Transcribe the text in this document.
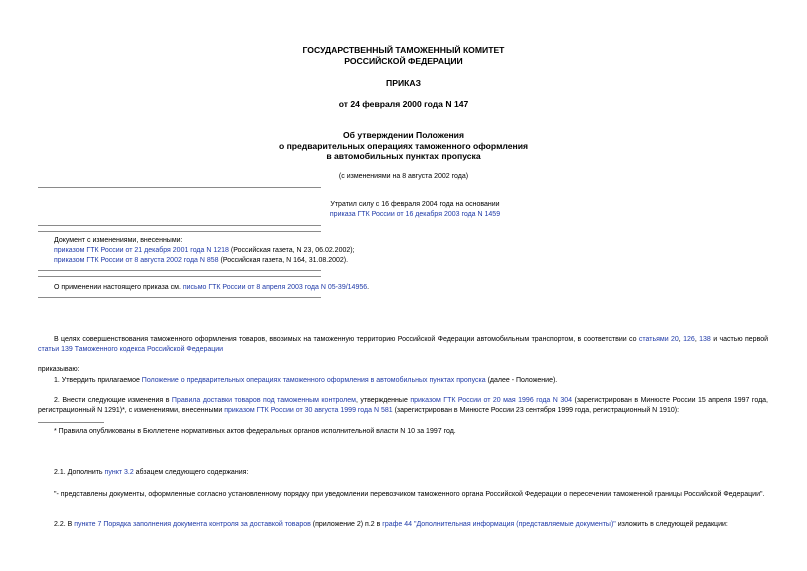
ГОСУДАРСТВЕННЫЙ ТАМОЖЕННЫЙ КОМИТЕТ
РОССИЙСКОЙ ФЕДЕРАЦИИ
ПРИКАЗ
от 24 февраля 2000 года N 147
Об утверждении Положения
о предварительных операциях таможенного оформления
в автомобильных пунктах пропуска
(с изменениями на 8 августа 2002 года)
Утратил силу с 16 февраля 2004 года на основании
приказа ГТК России от 16 декабря 2003 года N 1459
Документ с изменениями, внесенными:
приказом ГТК России от 21 декабря 2001 года N 1218 (Российская газета, N 23, 06.02.2002);
приказом ГТК России от 8 августа 2002 года N 858 (Российская газета, N 164, 31.08.2002).
О применении настоящего приказа см. письмо ГТК России от 8 апреля 2003 года N 05-39/14956.
В целях совершенствования таможенного оформления товаров, ввозимых на таможенную территорию Российской Федерации автомобильным транспортом, в соответствии со статьями 20, 126, 138 и частью первой статьи 139 Таможенного кодекса Российской Федерации
приказываю:
1. Утвердить прилагаемое Положение о предварительных операциях таможенного оформления в автомобильных пунктах пропуска (далее - Положение).
2. Внести следующие изменения в Правила доставки товаров под таможенным контролем, утвержденные приказом ГТК России от 20 мая 1996 года N 304 (зарегистрирован в Минюсте России 15 апреля 1997 года, регистрационный N 1291)*, с изменениями, внесенными приказом ГТК России от 30 августа 1999 года N 581 (зарегистрирован в Минюсте России 23 сентября 1999 года, регистрационный N 1910):
* Правила опубликованы в Бюллетене нормативных актов федеральных органов исполнительной власти N 10 за 1997 год.
2.1. Дополнить пункт 3.2 абзацем следующего содержания:
"- представлены документы, оформленные согласно установленному порядку при уведомлении перевозчиком таможенного органа Российской Федерации о пересечении таможенной границы Российской Федерации".
2.2. В пункте 7 Порядка заполнения документа контроля за доставкой товаров (приложение 2) п.2 в графе 44 "Дополнительная информация (представляемые документы)" изложить в следующей редакции:
